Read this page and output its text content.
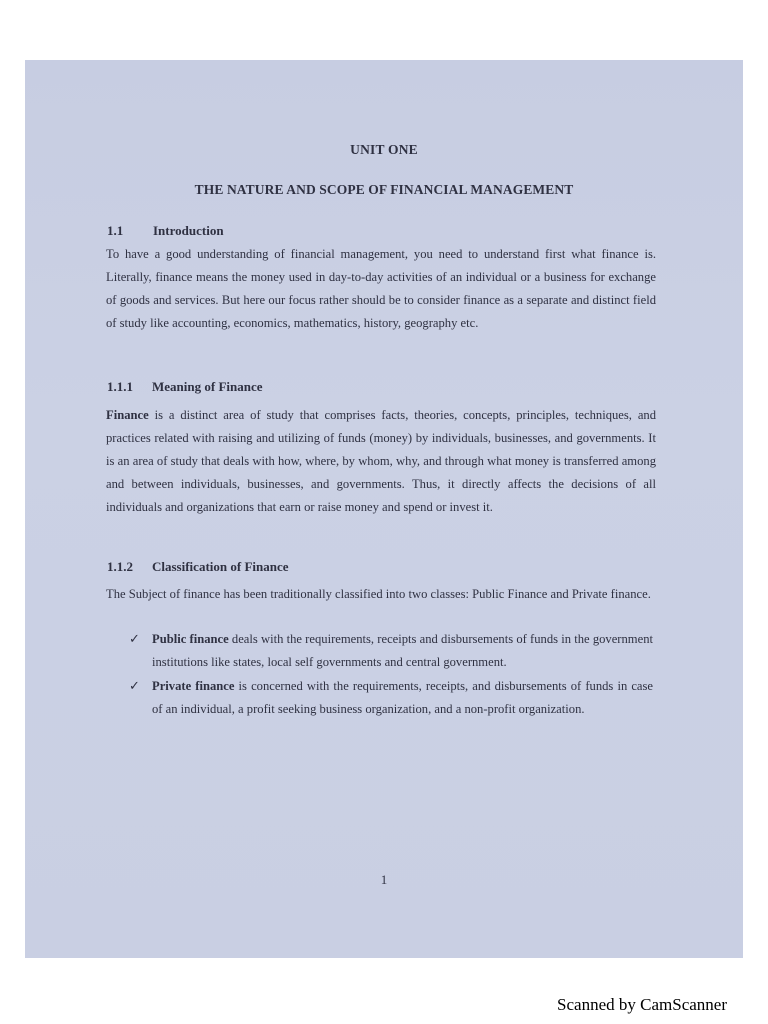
UNIT ONE
THE NATURE AND SCOPE OF FINANCIAL MANAGEMENT
1.1 Introduction
To have a good understanding of financial management, you need to understand first what finance is. Literally, finance means the money used in day-to-day activities of an individual or a business for exchange of goods and services. But here our focus rather should be to consider finance as a separate and distinct field of study like accounting, economics, mathematics, history, geography etc.
1.1.1 Meaning of Finance
Finance is a distinct area of study that comprises facts, theories, concepts, principles, techniques, and practices related with raising and utilizing of funds (money) by individuals, businesses, and governments. It is an area of study that deals with how, where, by whom, why, and through what money is transferred among and between individuals, businesses, and governments. Thus, it directly affects the decisions of all individuals and organizations that earn or raise money and spend or invest it.
1.1.2 Classification of Finance
The Subject of finance has been traditionally classified into two classes: Public Finance and Private finance.
✓ Public finance deals with the requirements, receipts and disbursements of funds in the government institutions like states, local self governments and central government.
✓ Private finance is concerned with the requirements, receipts, and disbursements of funds in case of an individual, a profit seeking business organization, and a non-profit organization.
1
Scanned by CamScanner
